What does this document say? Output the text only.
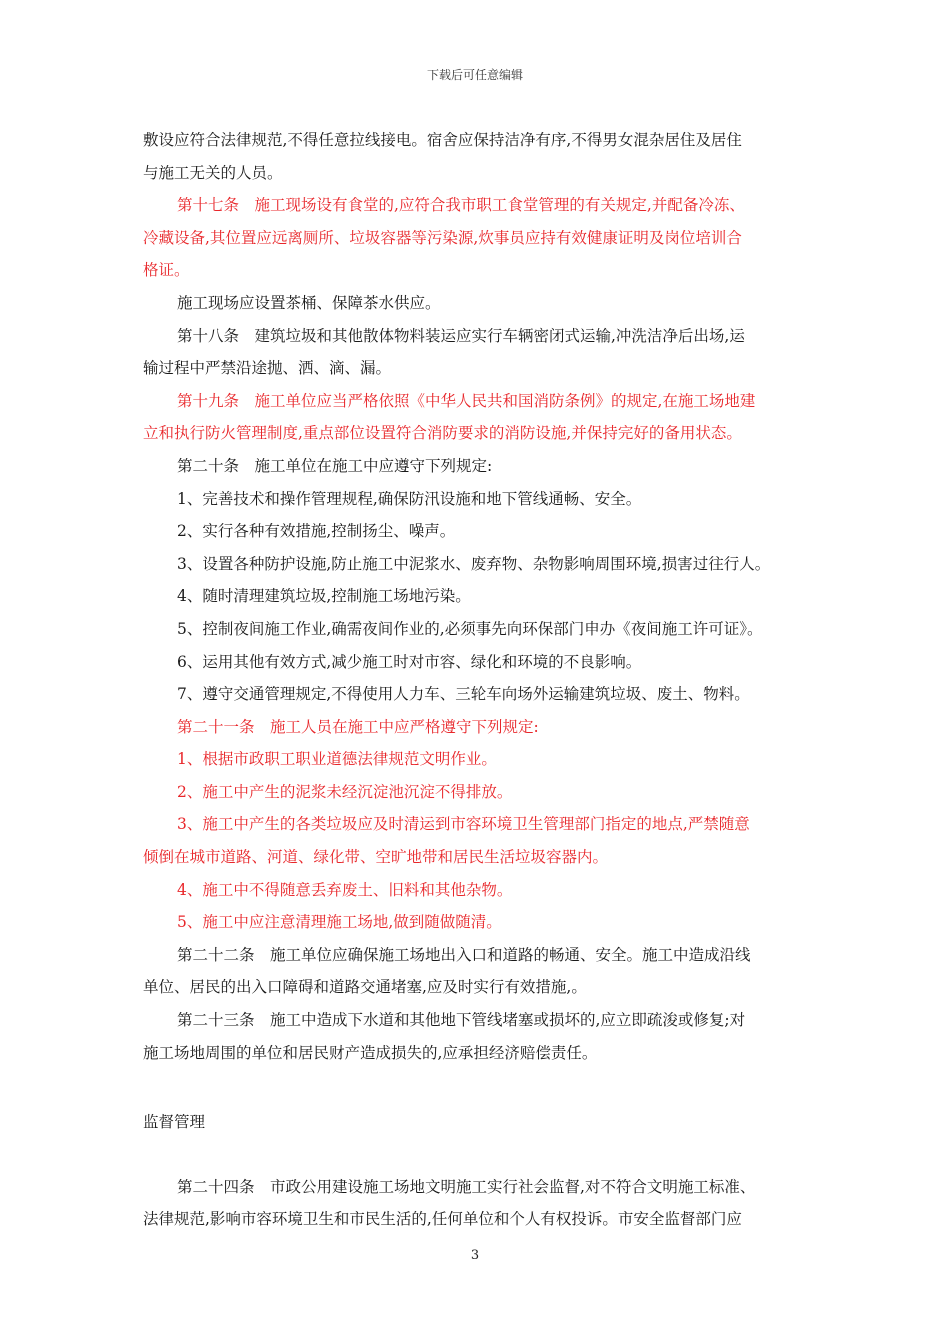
下载后可任意编辑
敷设应符合法律规范,不得任意拉线接电。宿舍应保持洁净有序,不得男女混杂居住及居住
与施工无关的人员。
第十七条　施工现场设有食堂的,应符合我市职工食堂管理的有关规定,并配备冷冻、
冷藏设备,其位置应远离厕所、垃圾容器等污染源,炊事员应持有效健康证明及岗位培训合
格证。
施工现场应设置茶桶、保障茶水供应。
第十八条　建筑垃圾和其他散体物料装运应实行车辆密闭式运输,冲洗洁净后出场,运
输过程中严禁沿途抛、洒、滴、漏。
第十九条　施工单位应当严格依照《中华人民共和国消防条例》的规定,在施工场地建
立和执行防火管理制度,重点部位设置符合消防要求的消防设施,并保持完好的备用状态。
第二十条　施工单位在施工中应遵守下列规定:
1、完善技术和操作管理规程,确保防汛设施和地下管线通畅、安全。
2、实行各种有效措施,控制扬尘、噪声。
3、设置各种防护设施,防止施工中泥浆水、废弃物、杂物影响周围环境,损害过往行人。
4、随时清理建筑垃圾,控制施工场地污染。
5、控制夜间施工作业,确需夜间作业的,必须事先向环保部门申办《夜间施工许可证》。
6、运用其他有效方式,减少施工时对市容、绿化和环境的不良影响。
7、遵守交通管理规定,不得使用人力车、三轮车向场外运输建筑垃圾、废土、物料。
第二十一条　施工人员在施工中应严格遵守下列规定:
1、根据市政职工职业道德法律规范文明作业。
2、施工中产生的泥浆未经沉淀池沉淀不得排放。
3、施工中产生的各类垃圾应及时清运到市容环境卫生管理部门指定的地点,严禁随意
倾倒在城市道路、河道、绿化带、空旷地带和居民生活垃圾容器内。
4、施工中不得随意丢弃废土、旧料和其他杂物。
5、施工中应注意清理施工场地,做到随做随清。
第二十二条　施工单位应确保施工场地出入口和道路的畅通、安全。施工中造成沿线
单位、居民的出入口障碍和道路交通堵塞,应及时实行有效措施,。
第二十三条　施工中造成下水道和其他地下管线堵塞或损坏的,应立即疏浚或修复;对
施工场地周围的单位和居民财产造成损失的,应承担经济赔偿责任。
监督管理
第二十四条　市政公用建设施工场地文明施工实行社会监督,对不符合文明施工标准、
法律规范,影响市容环境卫生和市民生活的,任何单位和个人有权投诉。市安全监督部门应
3
